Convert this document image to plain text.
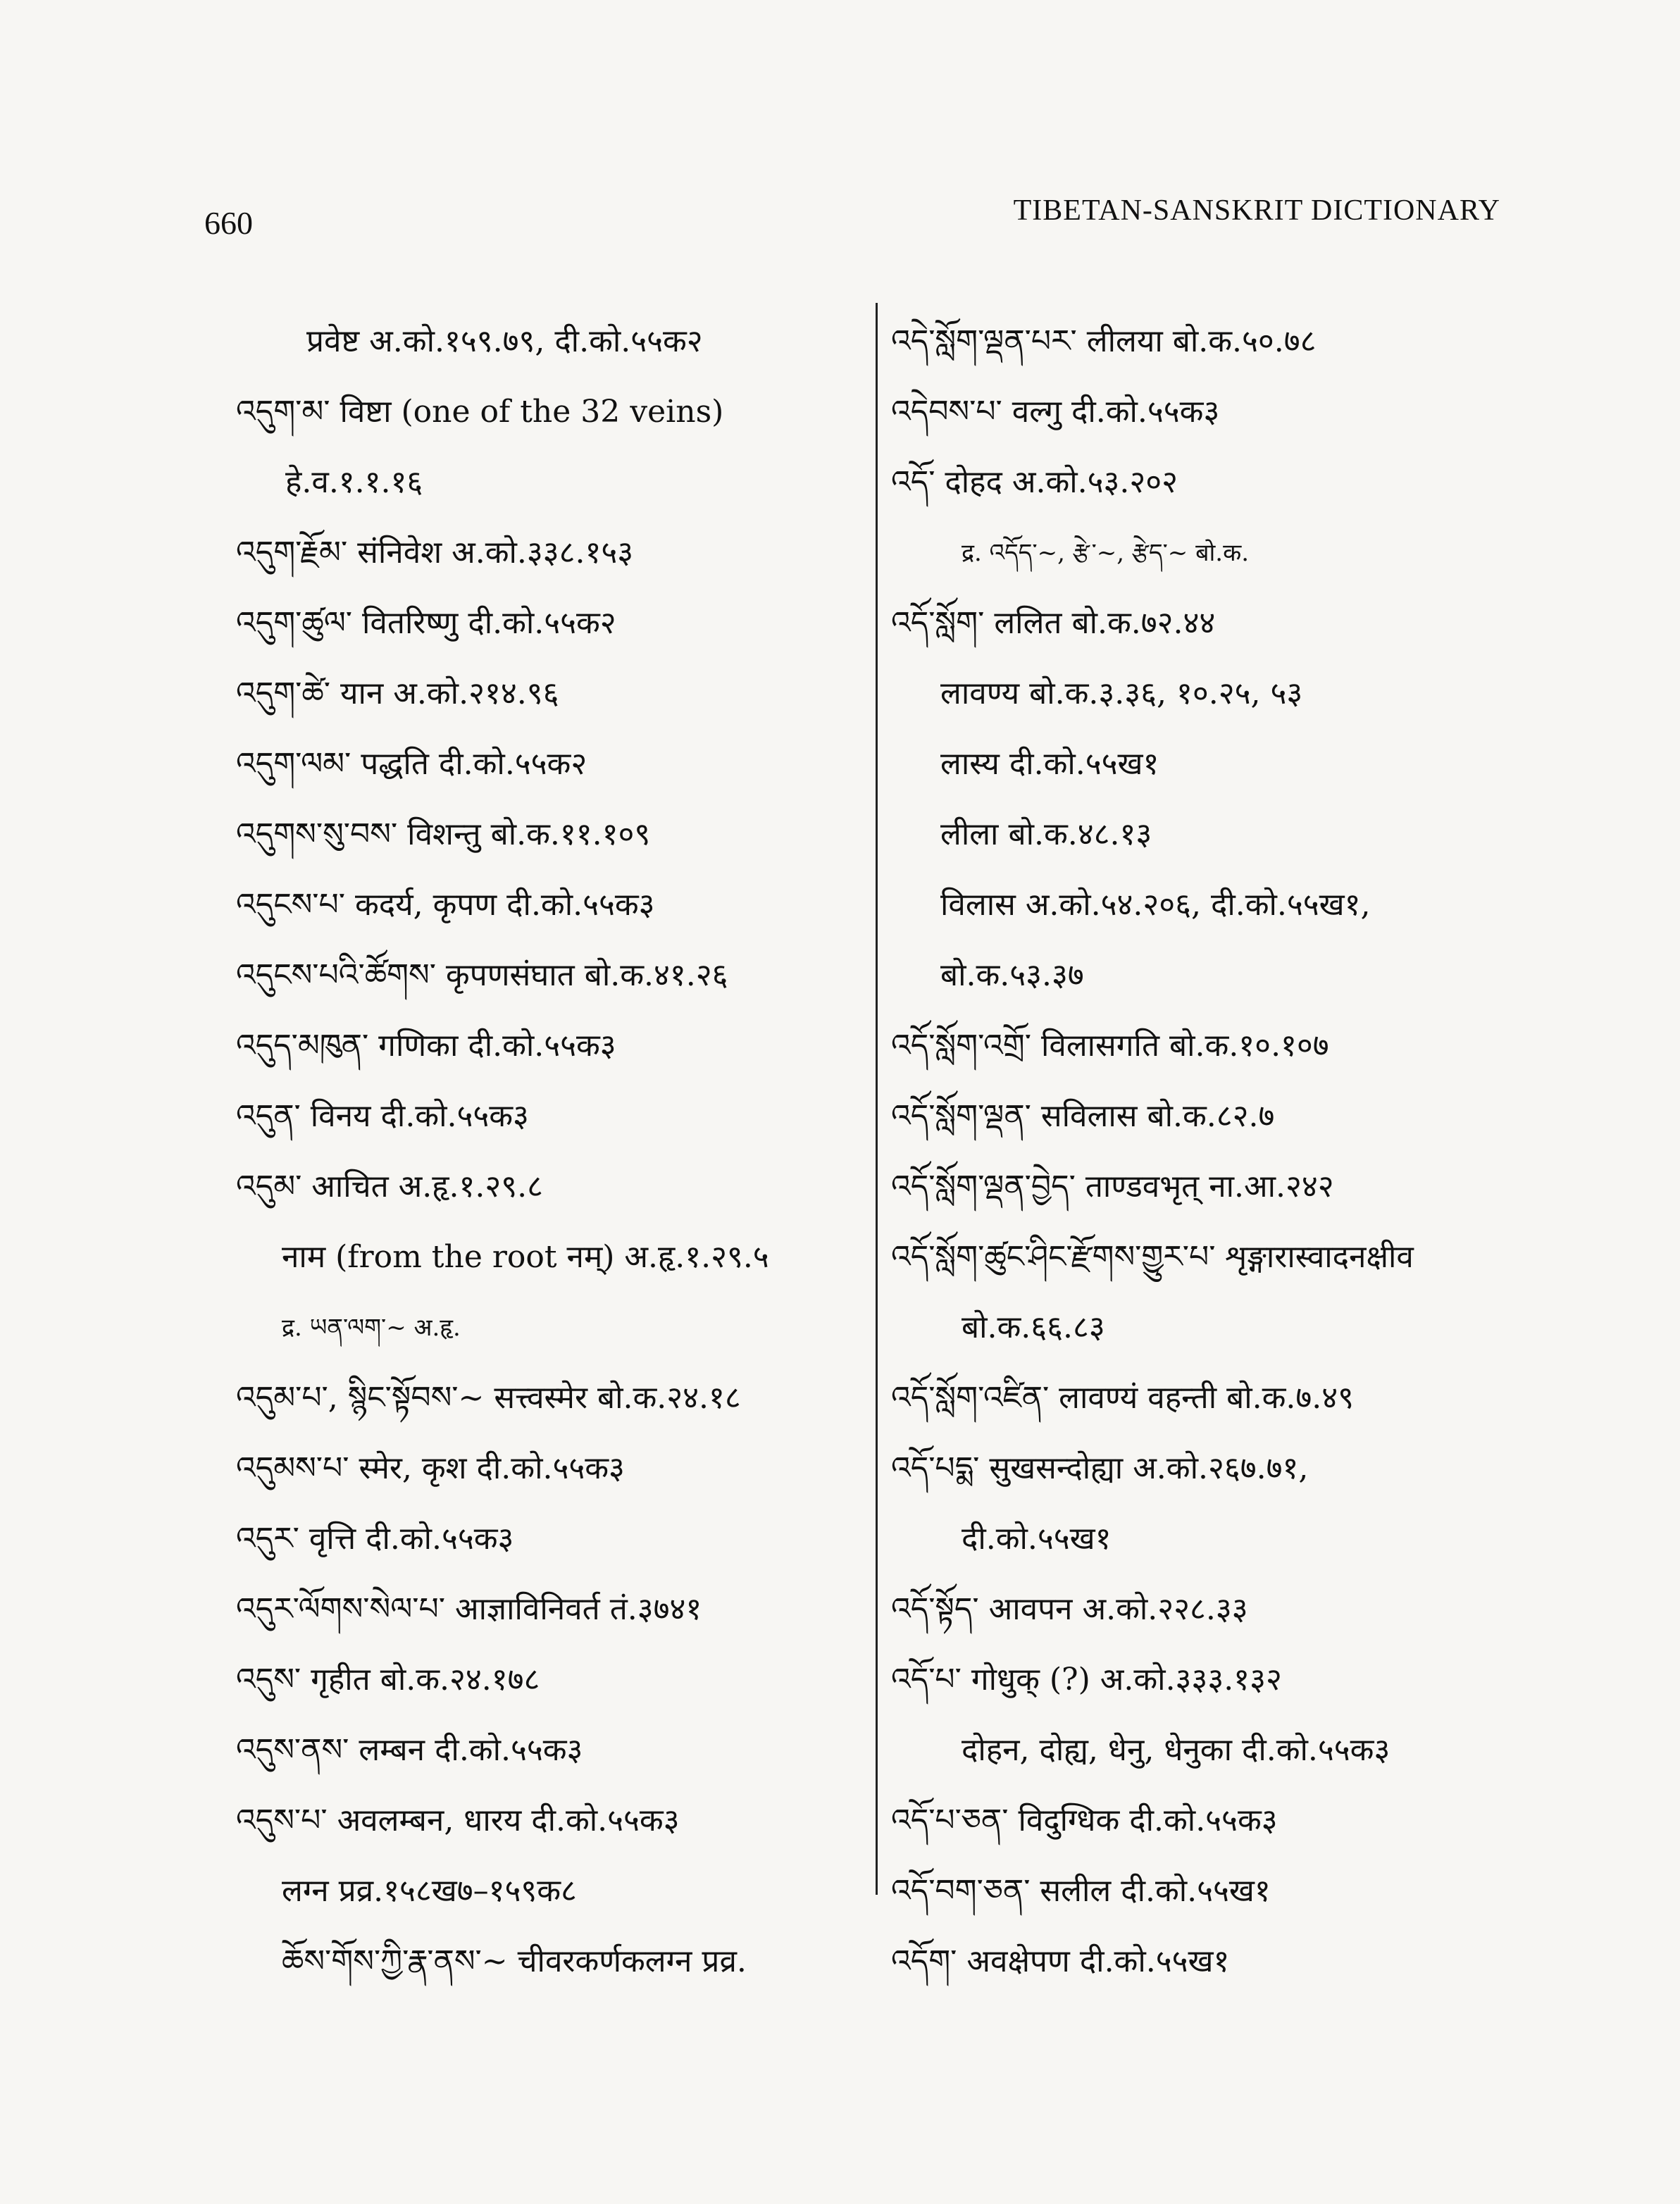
660	TIBETAN-SANSKRIT DICTIONARY
प्रवेष्ट अ.को.१५९.७९, दी.को.५५क२
འདུག་མ་ विष्टा (one of the 32 veins)
हे.व.१.१.१६
འདུག་རྗོམ་ संनिवेश अ.को.३३८.१५३
འདུག་ཚུལ་ वितरिष्णु दी.को.५५क२
འདུག་ཚེ་ यान अ.को.२१४.९६
འདུག་ལམ་ पद्धति दी.को.५५क२
འདུགས་སུ་བས་ विशन्तु बो.क.११.१०९
འདུངས་པ་ कदर्य, कृपण दी.को.५५क३
འདུངས་པའི་ཚོགས་ कृपणसंघात बो.क.४१.२६
འདུད་མཁུན་ गणिका दी.को.५५क३
འདུན་ विनय दी.को.५५क३
འདུམ་ आचित अ.हृ.१.२९.८
नाम (from the root नम्) अ.हृ.१.२९.५
द्र. ཡན་ལག་~ अ.हृ.
འདུམ་པ་, སྙིང་སྟོབས་~ सत्त्वस्मेर बो.क.२४.१८
འདུམས་པ་ स्मेर, कृश दी.को.५५क३
འདུར་ वृत्ति दी.को.५५क३
འདུར་ལོགས་སེལ་པ་ आज्ञाविनिवर्त तं.३७४१
འདུས་ गृहीत बो.क.२४.१७८
འདུས་ནས་ लम्बन दी.को.५५क३
འདུས་པ་ अवलम्बन, धारय दी.को.५५क३
लग्न प्रव्र.१५८ख७–१५९क८
ཆོས་གོས་ཀྱི་རྣ་ནས་~ चीवरकर्णकलग्न प्रव्र.
འདེ་སློག་ལྡན་པར་ लीलया बो.क.५०.७८
འདེབས་པ་ वल्गु दी.को.५५क३
འདོ་ दोहद अ.को.५३.२०२
द्र. འདོད་~, རྩེ་~, རྩེད་~ बो.क.
འདོ་སློག་ ललित बो.क.७२.४४
लावण्य बो.क.३.३६, १०.२५, ५३
लास्य दी.को.५५ख१
लीला बो.क.४८.१३
विलास अ.को.५४.२०६, दी.को.५५ख१,
बो.क.५३.३७
འདོ་སློག་འགྲོ་ विलासगति बो.क.१०.१०७
འདོ་སློག་ལྡན་ सविलास बो.क.८२.७
འདོ་སློག་ལྡན་བྱེད་ ताण्डवभृत् ना.आ.२४२
འདོ་སློག་ཚུང་ཤིང་རྫོགས་གྱུར་པ་ शृङ्गारास्वादनक्षीव
बो.क.६६.८३
འདོ་སློག་འཛིན་ लावण्यं वहन्ती बो.क.७.४९
འདོ་པདྨ་ सुखसन्दोह्या अ.को.२६७.७१,
दी.को.५५ख१
འདོ་སྟོད་ आवपन अ.को.२२८.३३
འདོ་པ་ गोधुक् (?) अ.को.३३३.१३२
दोहन, दोह्य, धेनु, धेनुका दी.को.५५क३
འདོ་པ་ཅན་ विदुग्धिक दी.को.५५क३
འདོ་བག་ཅན་ सलील दी.को.५५ख१
འདོག་ अवक्षेपण दी.को.५५ख१
